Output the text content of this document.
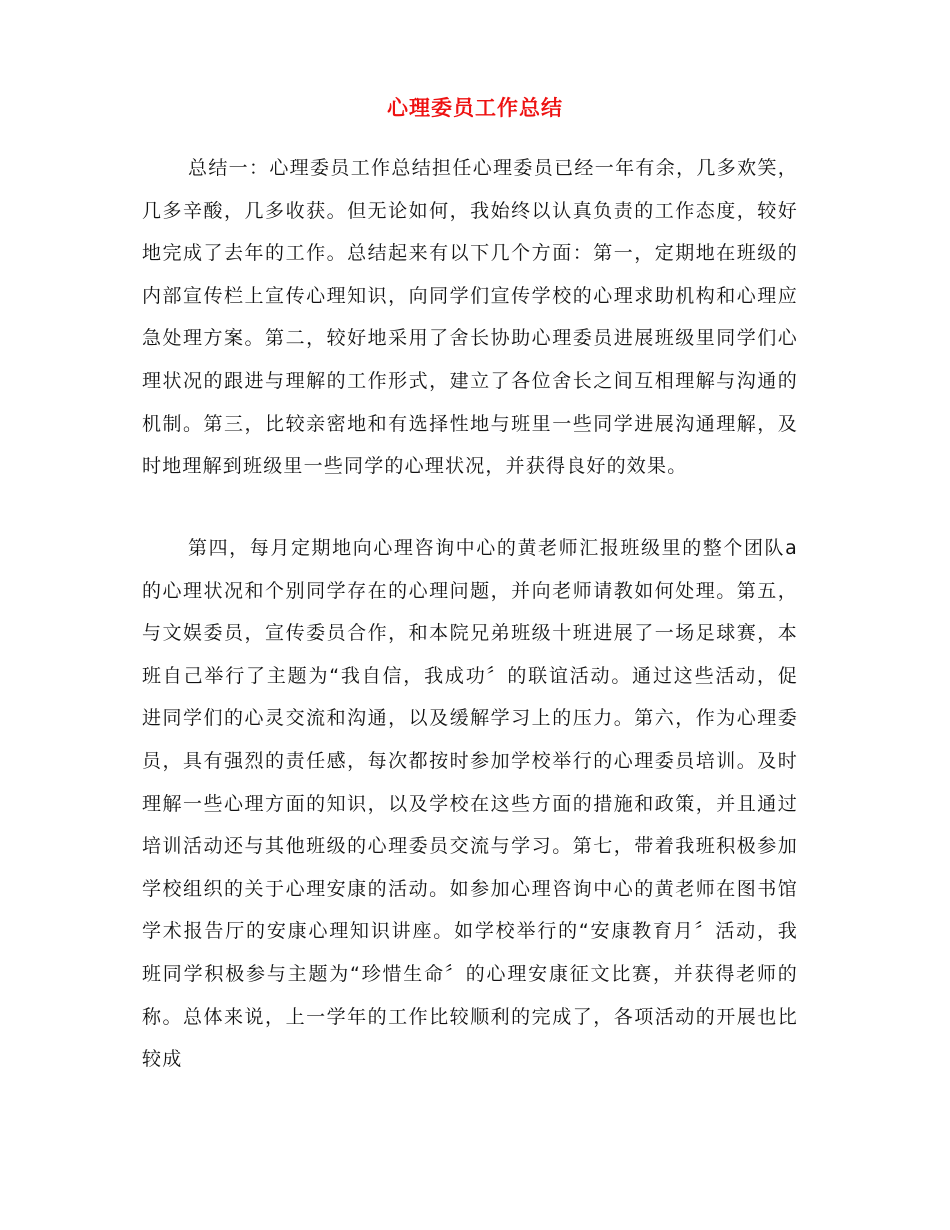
心理委员工作总结

总结一：心理委员工作总结担任心理委员已经一年有余，几多欢笑，几多辛酸，几多收获。但无论如何，我始终以认真负责的工作态度，较好地完成了去年的工作。总结起来有以下几个方面：第一，定期地在班级的内部宣传栏上宣传心理知识，向同学们宣传学校的心理求助机构和心理应急处理方案。第二，较好地采用了舍长协助心理委员进展班级里同学们心理状况的跟进与理解的工作形式，建立了各位舍长之间互相理解与沟通的机制。第三，比较亲密地和有选择性地与班里一些同学进展沟通理解，及时地理解到班级里一些同学的心理状况，并获得良好的效果。

第四，每月定期地向心理咨询中心的黄老师汇报班级里的整个团队a的心理状况和个别同学存在的心理问题，并向老师请教如何处理。第五，与文娱委员，宣传委员合作，和本院兄弟班级十班进展了一场足球赛，本班自己举行了主题为“我自信，我成功〞的联谊活动。通过这些活动，促进同学们的心灵交流和沟通，以及缓解学习上的压力。第六，作为心理委员，具有强烈的责任感，每次都按时参加学校举行的心理委员培训。及时理解一些心理方面的知识，以及学校在这些方面的措施和政策，并且通过培训活动还与其他班级的心理委员交流与学习。第七，带着我班积极参加学校组织的关于心理安康的活动。如参加心理咨询中心的黄老师在图书馆学术报告厅的安康心理知识讲座。如学校举行的“安康教育月〞活动，我班同学积极参与主题为“珍惜生命〞的心理安康征文比赛，并获得老师的称。总体来说，上一学年的工作比较顺利的完成了，各项活动的开展也比较成
